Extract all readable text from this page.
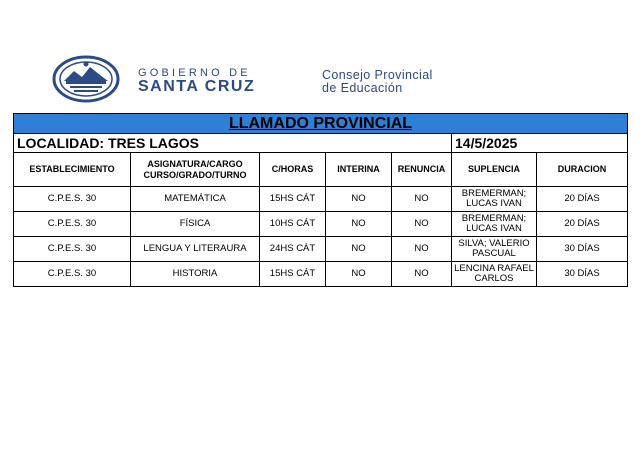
GOBIERNO DE
SANTA CRUZ
Consejo Provincial
de Educación
LLAMADO PROVINCIAL						
LOCALIDAD: TRES LAGOS					14/5/2025	
ESTABLECIMIENTO	ASIGNATURA/CARGO CURSO/GRADO/TURNO	C/HORAS	INTERINA	RENUNCIA	SUPLENCIA	DURACION
C.P.E.S. 30	MATEMÁTICA	15HS CÁT	NO	NO	BREMERMAN; LUCAS IVAN	20 DÍAS
C.P.E.S. 30	FÍSICA	10HS CÁT	NO	NO	BREMERMAN; LUCAS IVAN	20 DÍAS
C.P.E.S. 30	LENGUA Y LITERAURA	24HS CÁT	NO	NO	SILVA; VALERIO PASCUAL	30 DÍAS
C.P.E.S. 30	HISTORIA	15HS CÁT	NO	NO	LENCINA RAFAEL CARLOS	30 DÍAS
